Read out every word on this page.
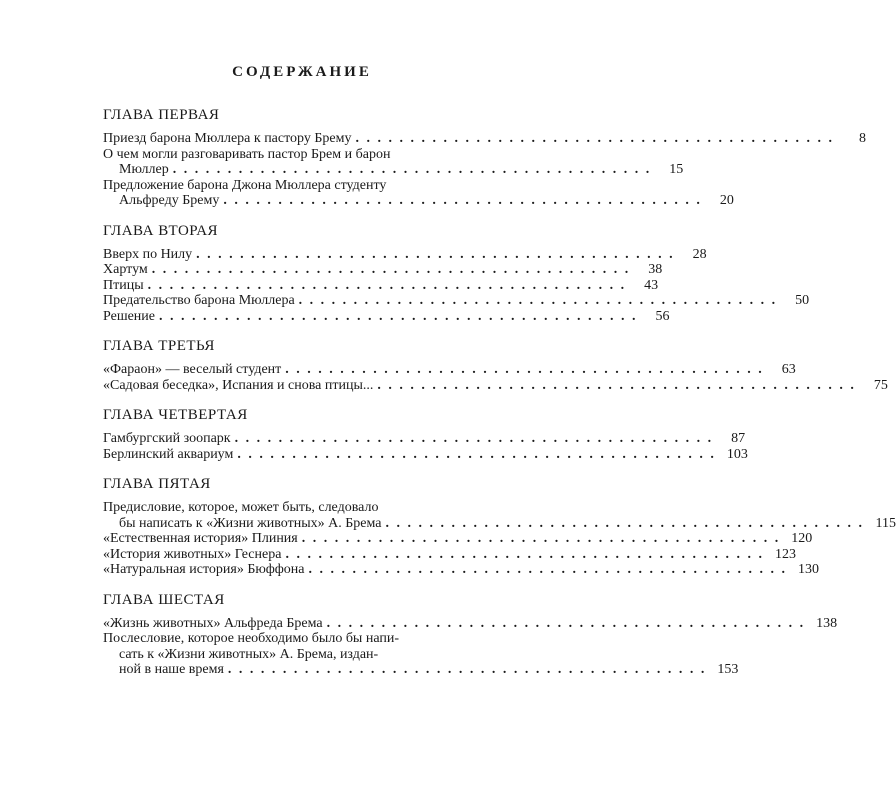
СОДЕРЖАНИЕ
ГЛАВА ПЕРВАЯ
Приезд барона Мюллера к пастору Брему . . . . . . . . . . . . . . . . . . . . . . . . . . . . . . . . . . . . . . . . . . . .	8
О чем могли разговаривать пастор Брем и барон
Мюллер . . . . . . . . . . . . . . . . . . . . . . . . . . . . . . . . . . . . . . . . . . . .	15
Предложение барона Джона Мюллера студенту
Альфреду Брему . . . . . . . . . . . . . . . . . . . . . . . . . . . . . . . . . . . . . . . . . . . .	20
ГЛАВА ВТОРАЯ
Вверх по Нилу . . . . . . . . . . . . . . . . . . . . . . . . . . . . . . . . . . . . . . . . . . . .	28
Хартум . . . . . . . . . . . . . . . . . . . . . . . . . . . . . . . . . . . . . . . . . . . .	38
Птицы . . . . . . . . . . . . . . . . . . . . . . . . . . . . . . . . . . . . . . . . . . . .	43
Предательство барона Мюллера . . . . . . . . . . . . . . . . . . . . . . . . . . . . . . . . . . . . . . . . . . . .	50
Решение . . . . . . . . . . . . . . . . . . . . . . . . . . . . . . . . . . . . . . . . . . . .	56
ГЛАВА ТРЕТЬЯ
«Фараон» — веселый студент . . . . . . . . . . . . . . . . . . . . . . . . . . . . . . . . . . . . . . . . . . . .	63
«Садовая беседка», Испания и снова птицы... . . . . . . . . . . . . . . . . . . . . . . . . . . . . . . . . . . . . . . . . . . . .	75
ГЛАВА ЧЕТВЕРТАЯ
Гамбургский зоопарк . . . . . . . . . . . . . . . . . . . . . . . . . . . . . . . . . . . . . . . . . . . .	87
Берлинский аквариум . . . . . . . . . . . . . . . . . . . . . . . . . . . . . . . . . . . . . . . . . . . . 103
ГЛАВА ПЯТАЯ
Предисловие, которое, может быть, следовало
бы написать к «Жизни животных» А. Брема . . . . . . . . . . . . . . . . . . . . . . . . . . . . . . . . . . . . . . . . . . . . 115
«Естественная история» Плиния . . . . . . . . . . . . . . . . . . . . . . . . . . . . . . . . . . . . . . . . . . . . 120
«История животных» Геснера . . . . . . . . . . . . . . . . . . . . . . . . . . . . . . . . . . . . . . . . . . . . 123
«Натуральная история» Бюффона . . . . . . . . . . . . . . . . . . . . . . . . . . . . . . . . . . . . . . . . . . . . 130
ГЛАВА ШЕСТАЯ
«Жизнь животных» Альфреда Брема . . . . . . . . . . . . . . . . . . . . . . . . . . . . . . . . . . . . . . . . . . . . 138
Послесловие, которое необходимо было бы напи-
сать к «Жизни животных» А. Брема, издан-
ной в наше время . . . . . . . . . . . . . . . . . . . . . . . . . . . . . . . . . . . . . . . . . . . . 153
